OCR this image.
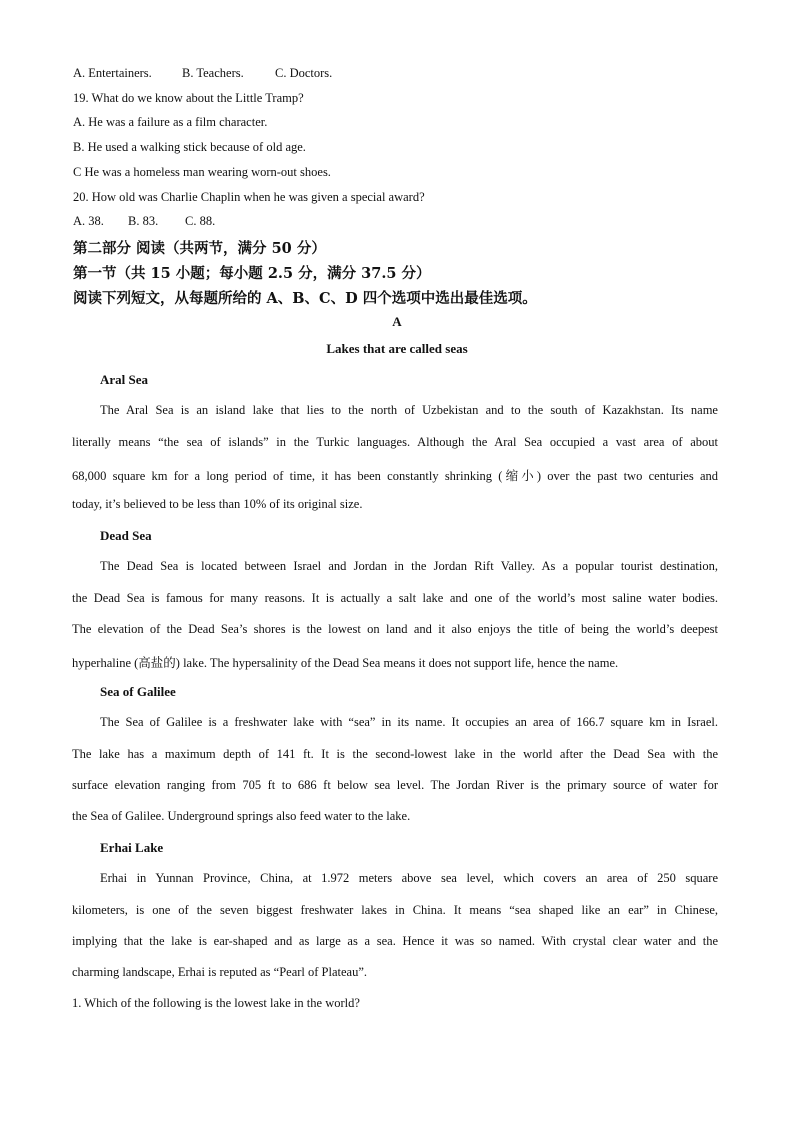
A. Entertainers. B. Teachers.	C. Doctors.
19. What do we know about the Little Tramp?
A. He was a failure as a film character.
B. He used a walking stick because of old age.
C He was a homeless man wearing worn-out shoes.
20. How old was Charlie Chaplin when he was given a special award?
A. 38. B. 83. C. 88.
第二部分 阅读（共两节，满分 50 分）
第一节（共 15 小题；每小题 2.5 分，满分 37.5 分）
阅读下列短文，从每题所给的 A、B、C、D 四个选项中选出最佳选项。
A
Lakes that are called seas
Aral Sea
The Aral Sea is an island lake that lies to the north of Uzbekistan and to the south of Kazakhstan. Its name
literally means “the sea of islands” in the Turkic languages. Although the Aral Sea occupied a vast area of about
68,000 square km for a long period of time, it has been constantly shrinking (缩小) over the past two centuries and
today, it’s believed to be less than 10% of its original size.
Dead Sea
The Dead Sea is located between Israel and Jordan in the Jordan Rift Valley. As a popular tourist destination,
the Dead Sea is famous for many reasons. It is actually a salt lake and one of the world’s most saline water bodies.
The elevation of the Dead Sea’s shores is the lowest on land and it also enjoys the title of being the world’s deepest
hyperhaline (高盐的) lake. The hypersalinity of the Dead Sea means it does not support life, hence the name.
Sea of Galilee
The Sea of Galilee is a freshwater lake with “sea” in its name. It occupies an area of 166.7 square km in Israel.
The lake has a maximum depth of 141 ft. It is the second-lowest lake in the world after the Dead Sea with the
surface elevation ranging from 705 ft to 686 ft below sea level. The Jordan River is the primary source of water for
the Sea of Galilee. Underground springs also feed water to the lake.
Erhai Lake
Erhai in Yunnan Province, China, at 1.972 meters above sea level, which covers an area of 250 square
kilometers, is one of the seven biggest freshwater lakes in China. It means “sea shaped like an ear” in Chinese,
implying that the lake is ear-shaped and as large as a sea. Hence it was so named. With crystal clear water and the
charming landscape, Erhai is reputed as “Pearl of Plateau”.
1. Which of the following is the lowest lake in the world?
